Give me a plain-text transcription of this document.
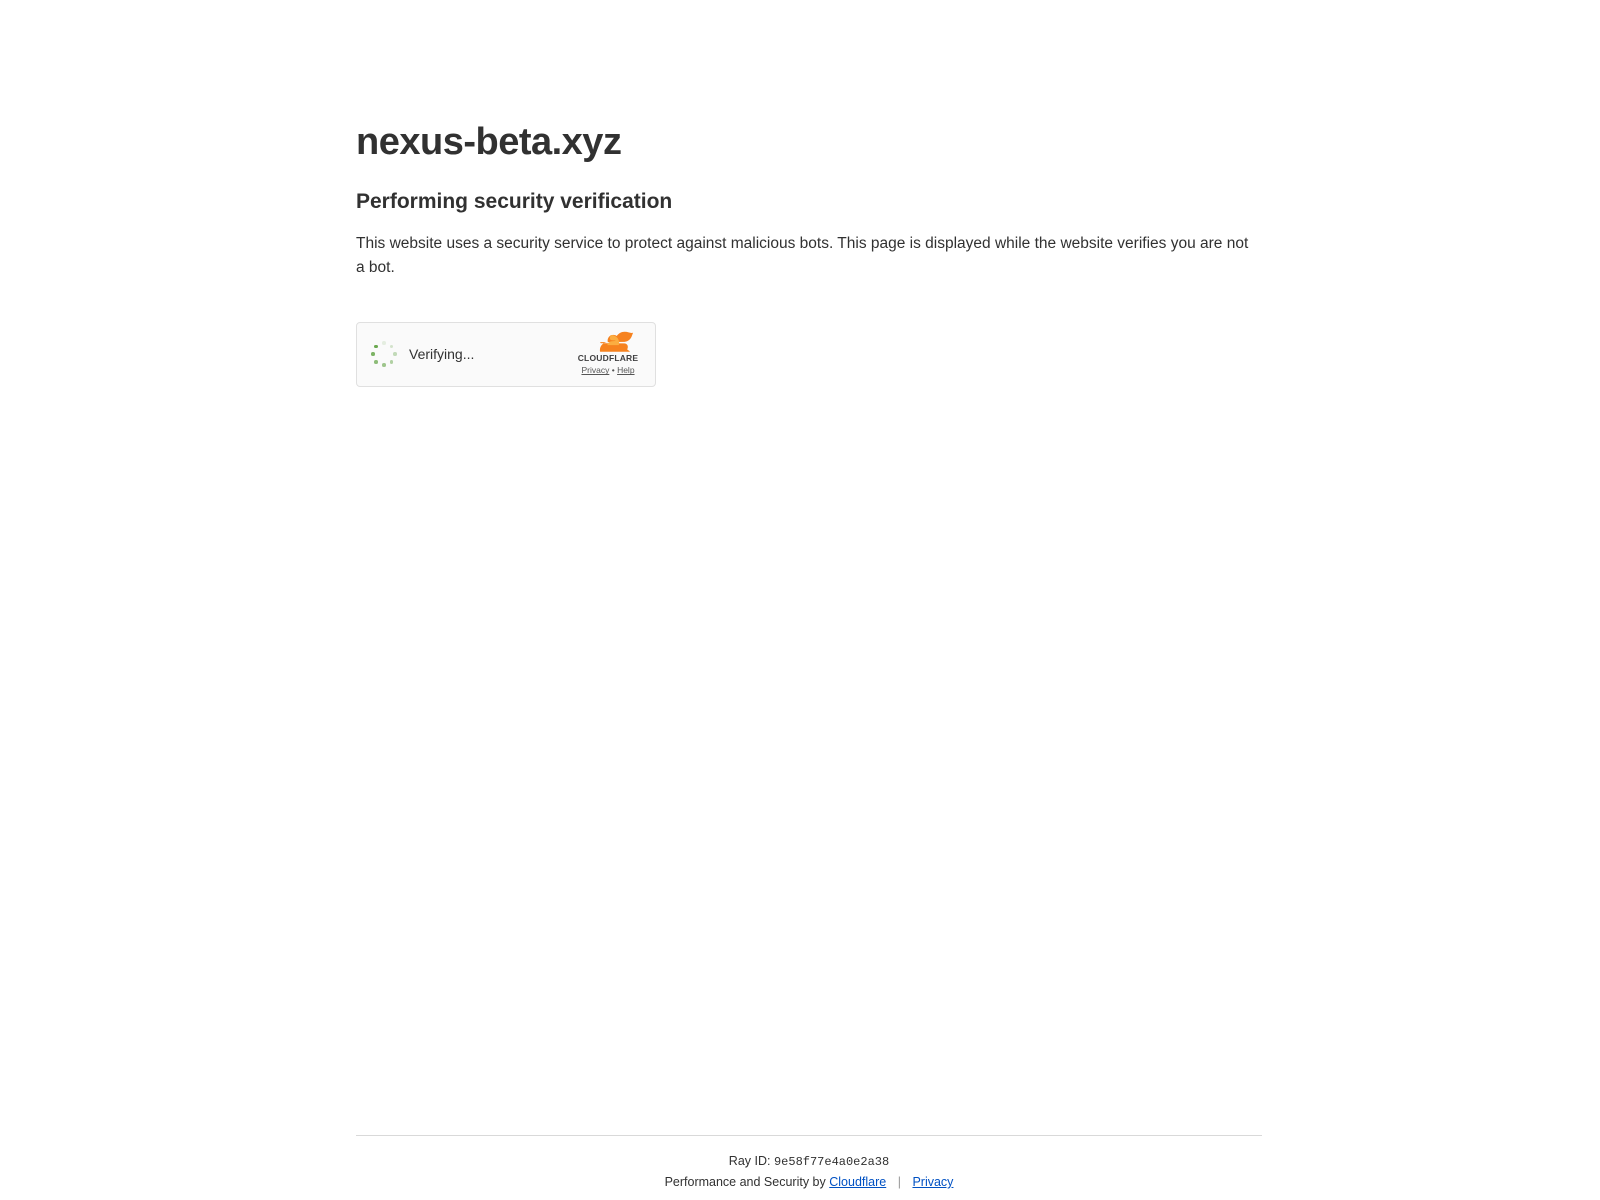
nexus-beta.xyz
Performing security verification

This website uses a security service to protect against malicious bots. This page is displayed while the website verifies you are not a bot.

Verifying...	CLOUDFLARE
Privacy • Help
Ray ID: 9e58f77e4a0e2a38
Performance and Security by Cloudflare | Privacy
